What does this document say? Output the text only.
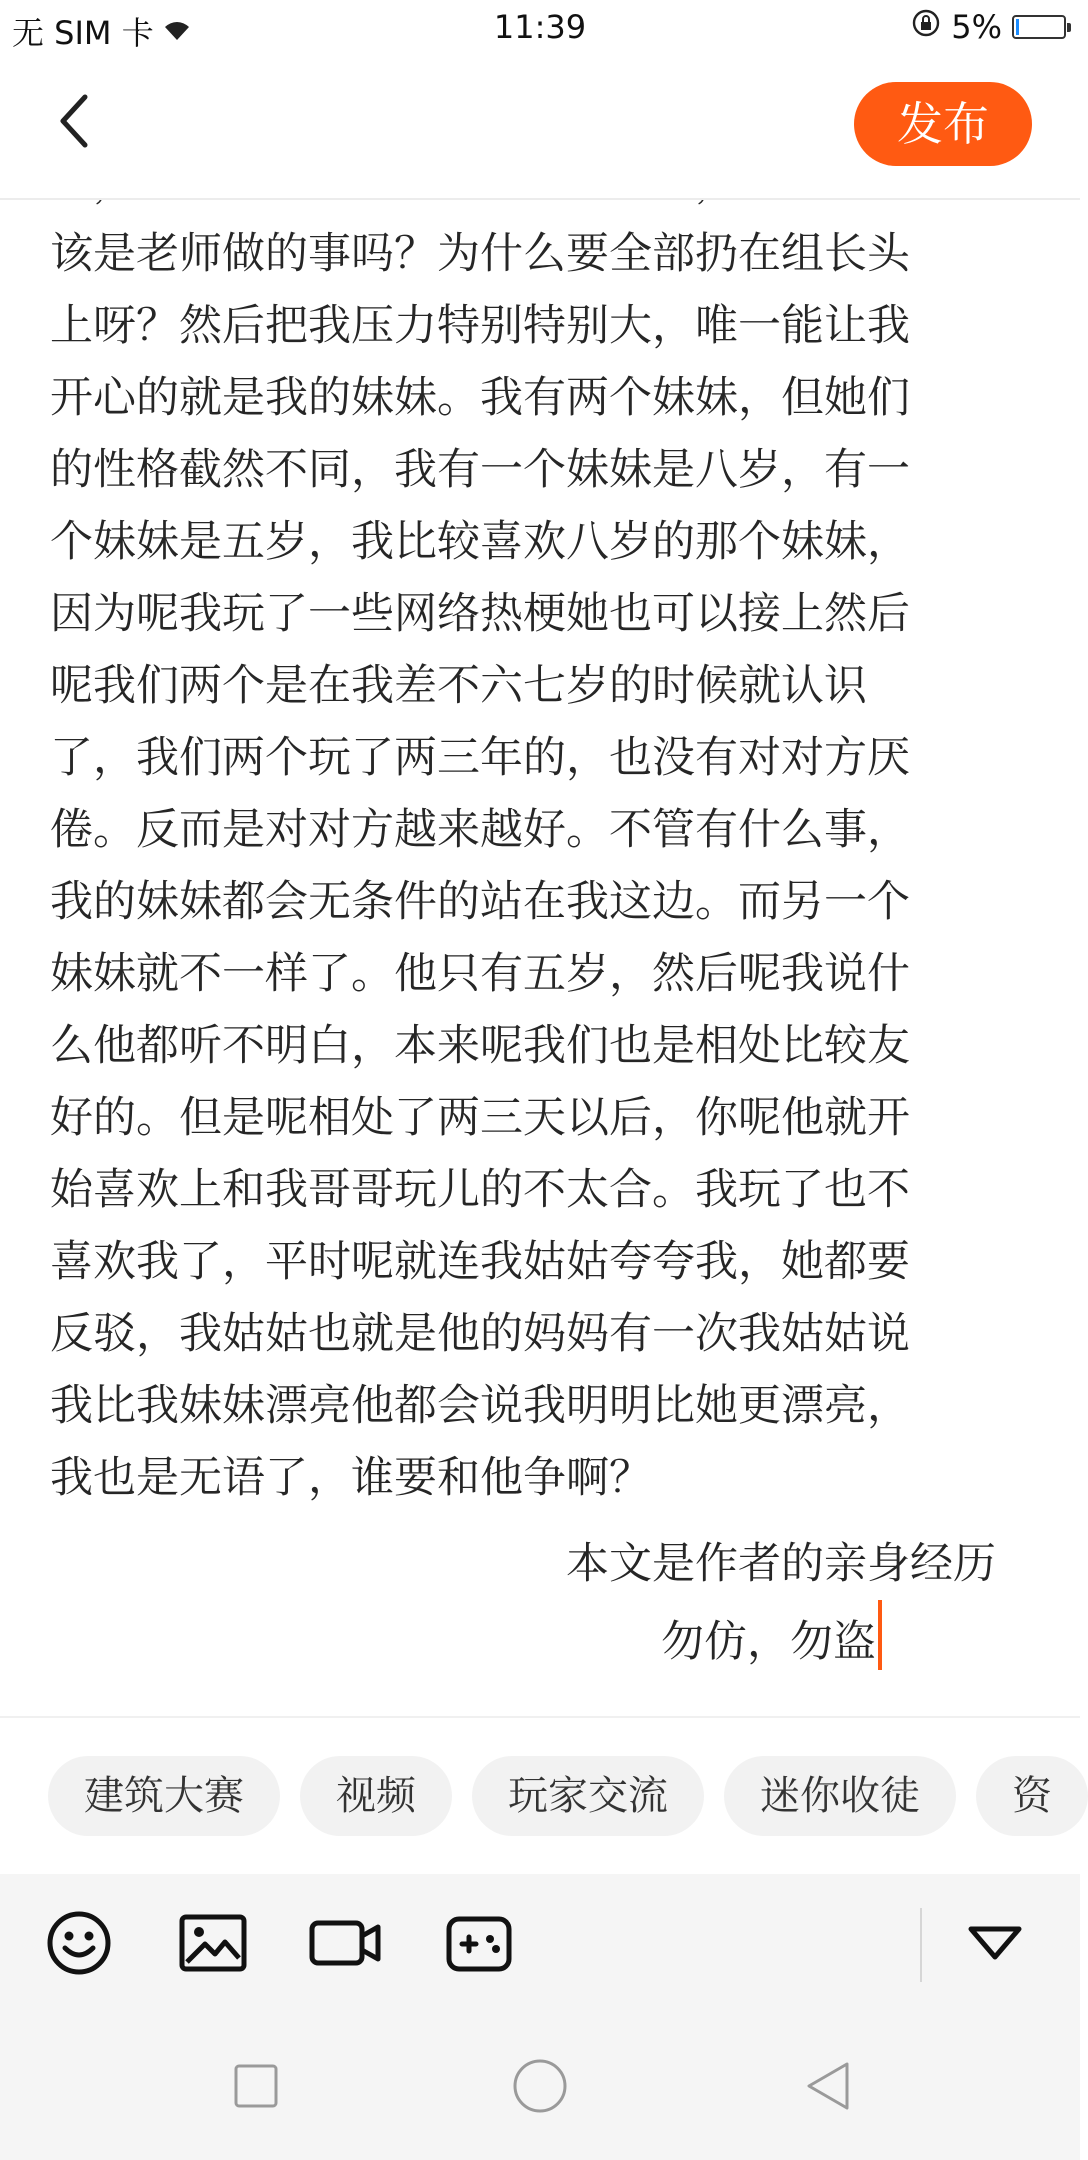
无 SIM 卡	11:39	5%
发布

该是老师做的事吗？为什么要全部扔在组长头

上呀？然后把我压力特别特别大，唯一能让我

开心的就是我的妹妹。我有两个妹妹，但她们

的性格截然不同，我有一个妹妹是八岁，有一

个妹妹是五岁，我比较喜欢八岁的那个妹妹，

因为呢我玩了一些网络热梗她也可以接上然后

呢我们两个是在我差不六七岁的时候就认识

了，我们两个玩了两三年的，也没有对对方厌

倦。反而是对对方越来越好。不管有什么事，

我的妹妹都会无条件的站在我这边。而另一个

妹妹就不一样了。他只有五岁，然后呢我说什

么他都听不明白，本来呢我们也是相处比较友

好的。但是呢相处了两三天以后，你呢他就开

始喜欢上和我哥哥玩儿的不太合。我玩了也不

喜欢我了，平时呢就连我姑姑夸夸我，她都要

反驳，我姑姑也就是他的妈妈有一次我姑姑说

我比我妹妹漂亮他都会说我明明比她更漂亮，

我也是无语了，谁要和他争啊？

本文是作者的亲身经历
勿仿，勿盗
建筑大赛	视频	玩家交流	迷你收徒	资
